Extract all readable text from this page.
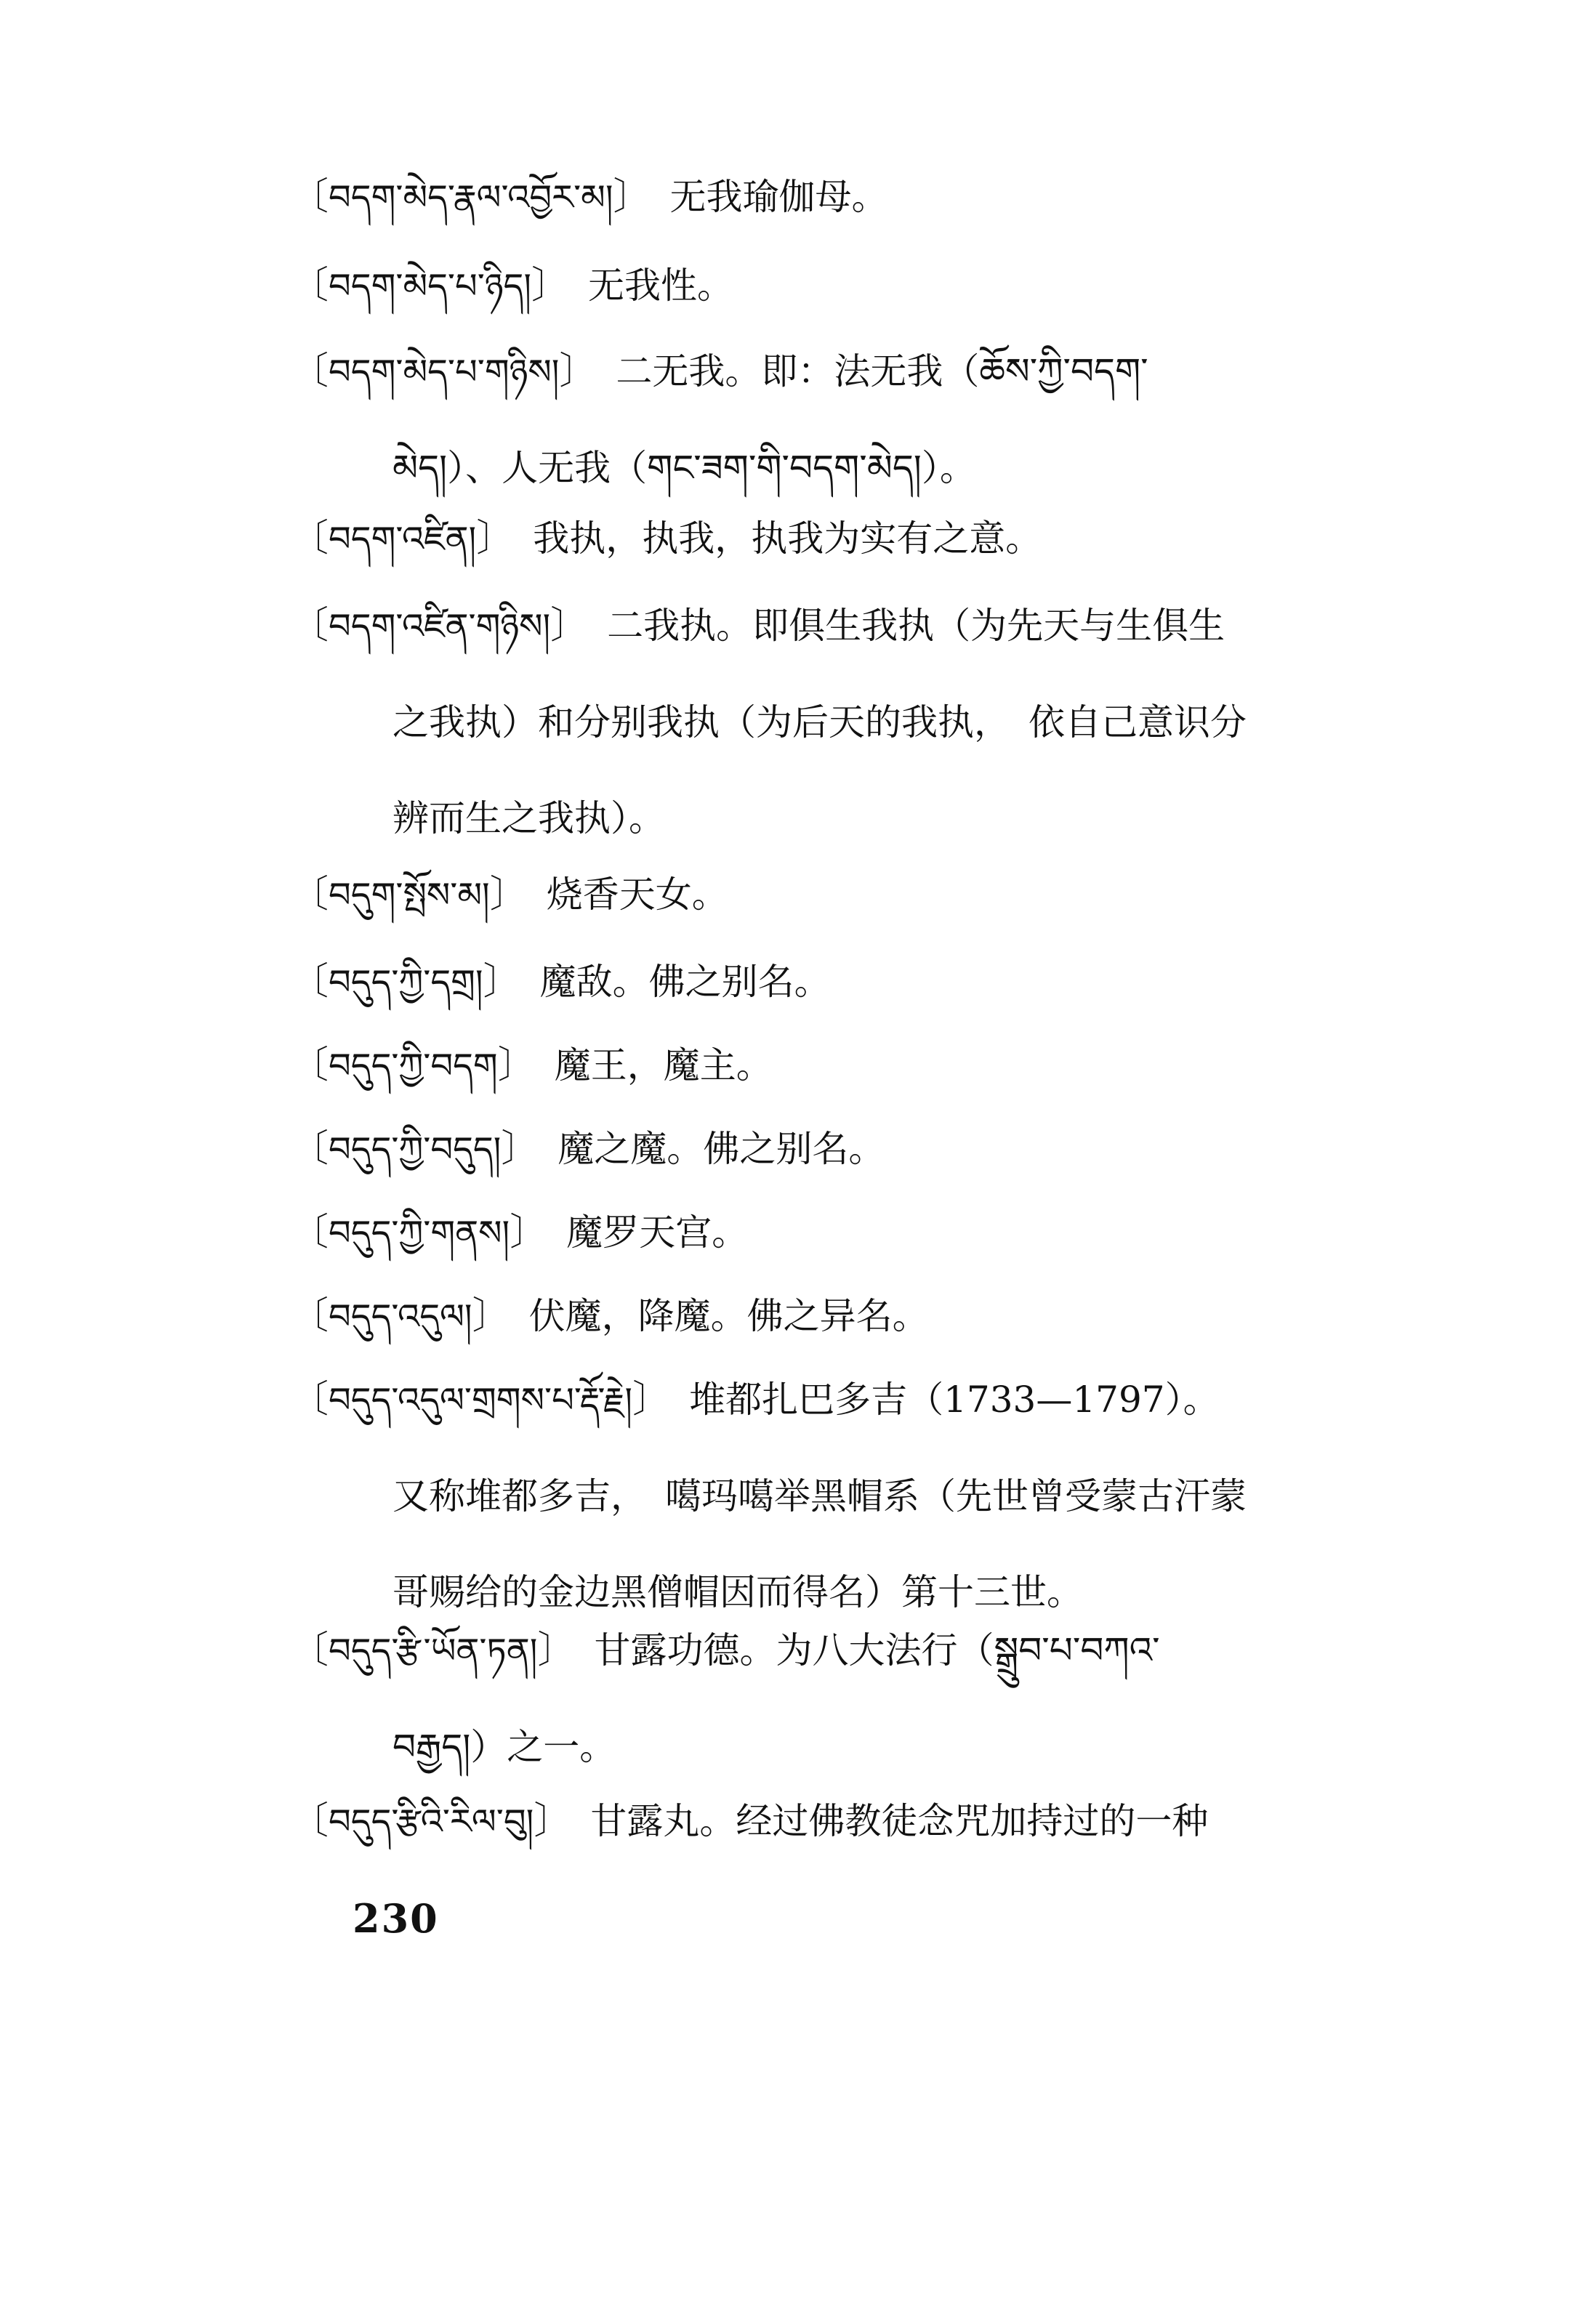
〔བདག་མེད་རྣལ་འབྱོར་མ།〕 无我瑜伽母。
〔བདག་མེད་པ་ཉིད།〕 无我性。
〔བདག་མེད་པ་གཉིས།〕 二无我。即：法无我（ཆོས་ཀྱི་བདག་
མེད།）、人无我（གང་ཟག་གི་བདག་མེད།）。
〔བདག་འཛིན།〕 我执，执我，执我为实有之意。
〔བདག་འཛིན་གཉིས།〕 二我执。即俱生我执（为先天与生俱生
之我执）和分别我执（为后天的我执，　依自己意识分
辨而生之我执）。
〔བདུག་སྤོས་མ།〕 烧香天女。
〔བདུད་ཀྱི་དགྲ།〕 魔敌。佛之别名。
〔བདུད་ཀྱི་བདག〕 魔王，魔主。
〔བདུད་ཀྱི་བདུད།〕 魔之魔。佛之别名。
〔བདུད་ཀྱི་གནས།〕 魔罗天宫。
〔བདུད་འདུལ།〕 伏魔，降魔。佛之异名。
〔བདུད་འདུལ་གྲགས་པ་རྡོ་རྗེ།〕 堆都扎巴多吉（1733—1797）。
又称堆都多吉，　噶玛噶举黑帽系（先世曾受蒙古汗蒙
哥赐给的金边黑僧帽因而得名）第十三世。
〔བདུད་རྩི་ཡོན་ཏན།〕 甘露功德。为八大法行（སྒྲུབ་པ་བཀའ་
བརྒྱད།）之一。
〔བདུད་རྩིའི་རིལ་བུ།〕 甘露丸。经过佛教徒念咒加持过的一种
230
